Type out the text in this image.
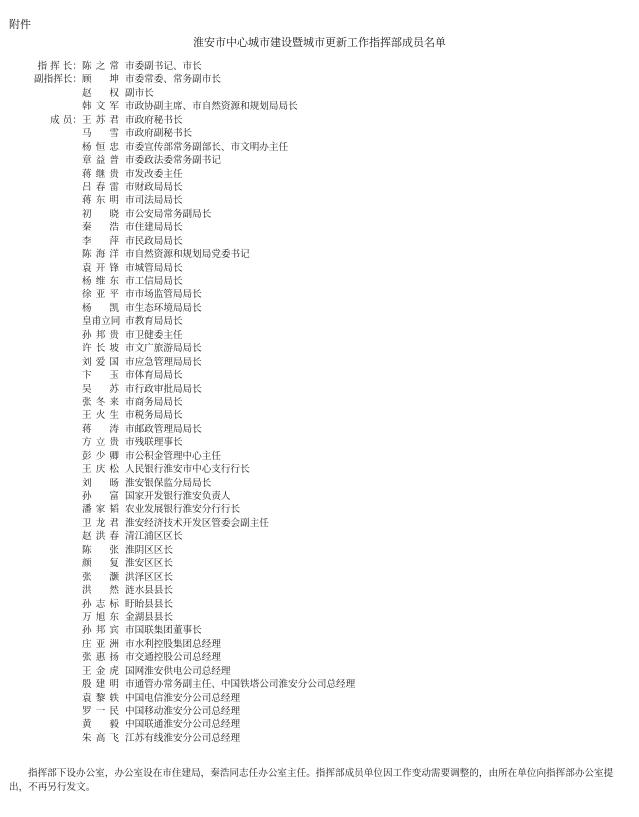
附件
淮安市中心城市建设暨城市更新工作指挥部成员名单
指 挥 长： 陈之常 市委副书记、市长
副指挥长： 顾坤 市委常委、常务副市长
赵权 副市长
韩文军 市政协副主席、市自然资源和规划局局长
成 员： 王苏君 市政府秘书长
马雪 市政府副秘书长
杨恒忠 市委宣传部常务副部长、市文明办主任
章益普 市委政法委常务副书记
蒋继贵 市发改委主任
吕春雷 市财政局局长
蒋东明 市司法局局长
初晓 市公安局常务副局长
秦浩 市住建局局长
李萍 市民政局局长
陈海洋 市自然资源和规划局党委书记
袁开锋 市城管局局长
杨维东 市工信局局长
徐亚平 市市场监管局局长
杨凯 市生态环境局局长
皇甫立同 市教育局局长
孙邦贵 市卫健委主任
许长坡 市文广旅游局局长
刘爱国 市应急管理局局长
卞玉 市体育局局长
吴苏 市行政审批局局长
张冬来 市商务局局长
王火生 市税务局局长
蒋涛 市邮政管理局局长
方立贵 市残联理事长
彭少卿 市公积金管理中心主任
王庆松 人民银行淮安市中心支行行长
刘旸 淮安银保监分局局长
孙富 国家开发银行淮安负责人
潘家韬 农业发展银行淮安分行行长
卫龙君 淮安经济技术开发区管委会副主任
赵洪春 清江浦区区长
陈张 淮阴区区长
颜复 淮安区区长
张灏 洪泽区区长
洪然 涟水县县长
孙志标 盱眙县县长
万旭东 金湖县县长
孙邦宾 市国联集团董事长
庄亚洲 市水利控股集团总经理
张惠扬 市交通控股公司总经理
王金虎 国网淮安供电公司总经理
殷建明 市通管办常务副主任、中国铁塔公司淮安分公司总经理
袁黎轶 中国电信淮安分公司总经理
罗一民 中国移动淮安分公司总经理
黄毅 中国联通淮安分公司总经理
朱高飞 江苏有线淮安分公司总经理
指挥部下设办公室，办公室设在市住建局，秦浩同志任办公室主任。指挥部成员单位因工作变动需要调整的，由所在单位向指挥部办公室提出，不再另行发文。
